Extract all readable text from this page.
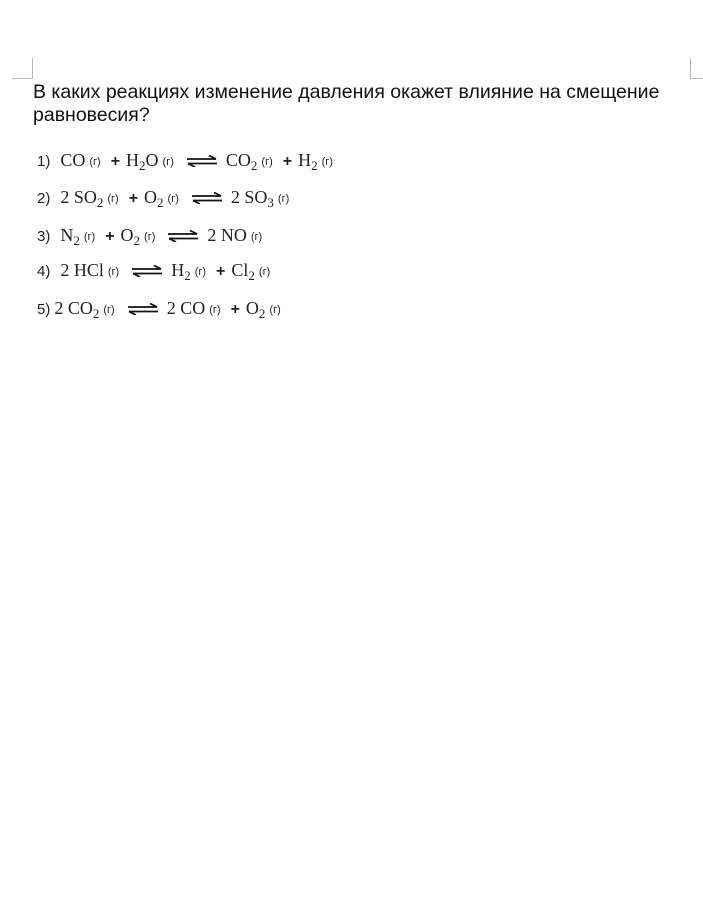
В каких реакциях изменение давления окажет влияние на смещение равновесия?
1) CO $(г) + H_2O$ (г) ⇌ $CO_2$ $(г) + H_2$ (г)
2) 2 $SO_2$ $(г) + O_2$ (г) ⇌ 2 $SO_3$ (г)
3) $N_2$ $(г) + O_2$ (г) ⇌ 2 NO (г)
4) 2 HCl (г) ⇌ $H_2$ $(г) + Cl_2$ (г)
5) 2 $CO_2$ (г) ⇌ 2 CO $(г) + O_2$ (г)
